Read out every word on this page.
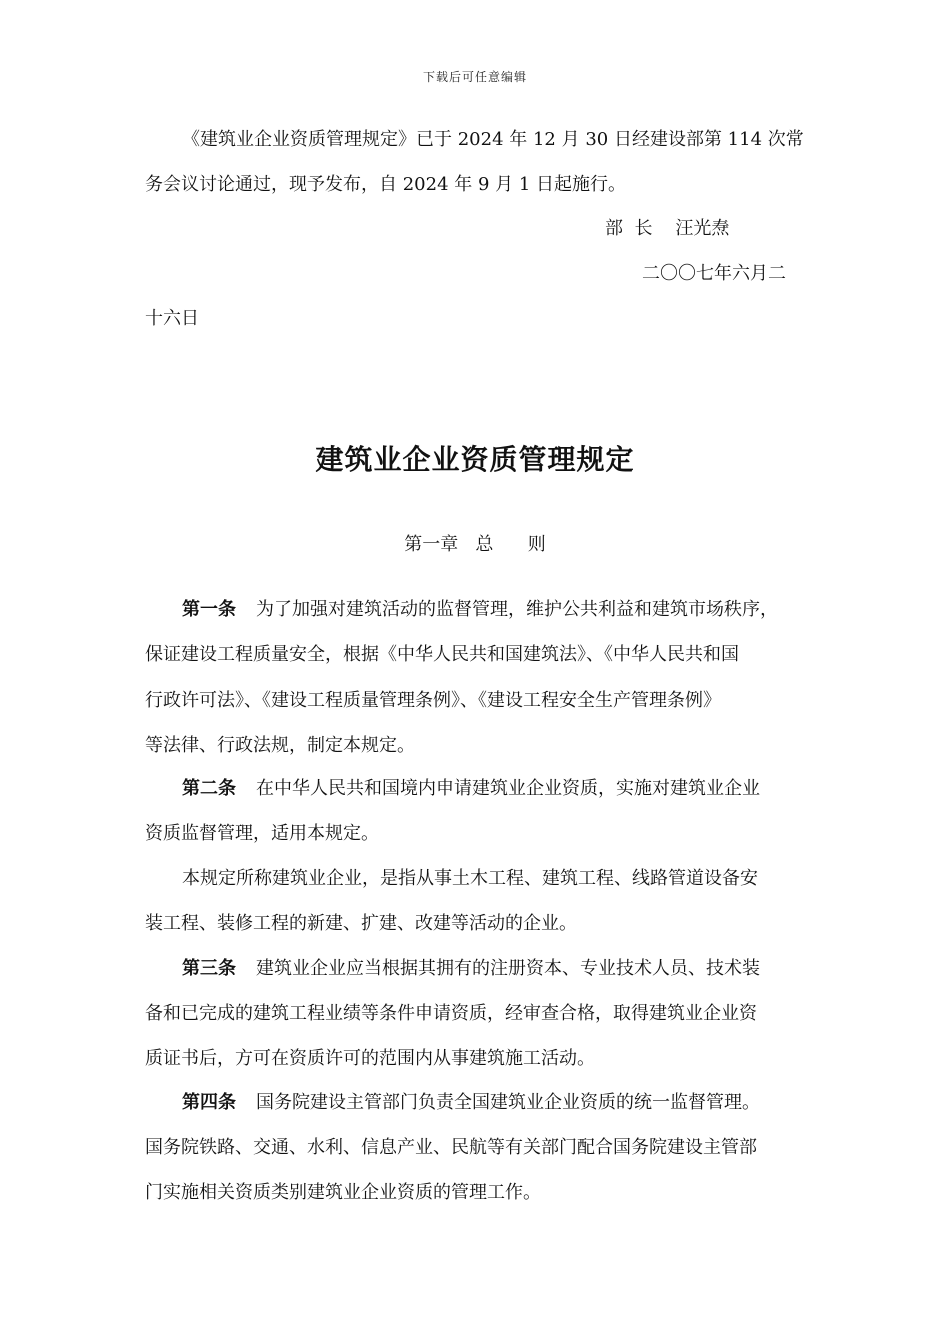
下载后可任意编辑
《建筑业企业资质管理规定》已于 2024 年 12 月 30 日经建设部第 114 次常
务会议讨论通过，现予发布，自 2024 年 9 月 1 日起施行。
部  长    汪光焘
二〇〇七年六月二
十六日
建筑业企业资质管理规定
第一章   总      则
第一条 为了加强对建筑活动的监督管理，维护公共利益和建筑市场秩序，
保证建设工程质量安全，根据《中华人民共和国建筑法》、《中华人民共和国
行政许可法》、《建设工程质量管理条例》、《建设工程安全生产管理条例》
等法律、行政法规，制定本规定。
第二条 在中华人民共和国境内申请建筑业企业资质，实施对建筑业企业
资质监督管理，适用本规定。
本规定所称建筑业企业，是指从事土木工程、建筑工程、线路管道设备安
装工程、装修工程的新建、扩建、改建等活动的企业。
第三条 建筑业企业应当根据其拥有的注册资本、专业技术人员、技术装
备和已完成的建筑工程业绩等条件申请资质，经审查合格，取得建筑业企业资
质证书后，方可在资质许可的范围内从事建筑施工活动。
第四条 国务院建设主管部门负责全国建筑业企业资质的统一监督管理。
国务院铁路、交通、水利、信息产业、民航等有关部门配合国务院建设主管部
门实施相关资质类别建筑业企业资质的管理工作。
